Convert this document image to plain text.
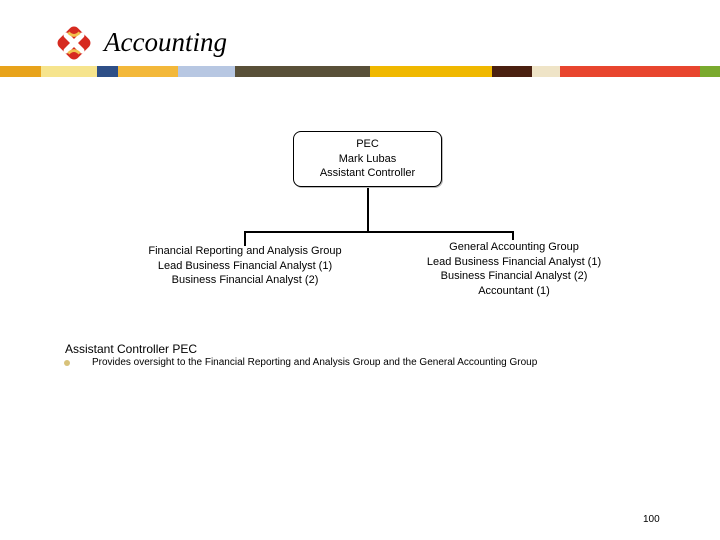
Accounting
PEC
Mark Lubas
Assistant Controller
Financial Reporting and Analysis Group
Lead Business Financial Analyst (1)
Business Financial Analyst (2)
General Accounting Group
Lead Business Financial Analyst (1)
Business Financial Analyst (2)
Accountant (1)
Assistant Controller PEC
Provides oversight to the Financial Reporting and Analysis Group and the General Accounting Group
100
